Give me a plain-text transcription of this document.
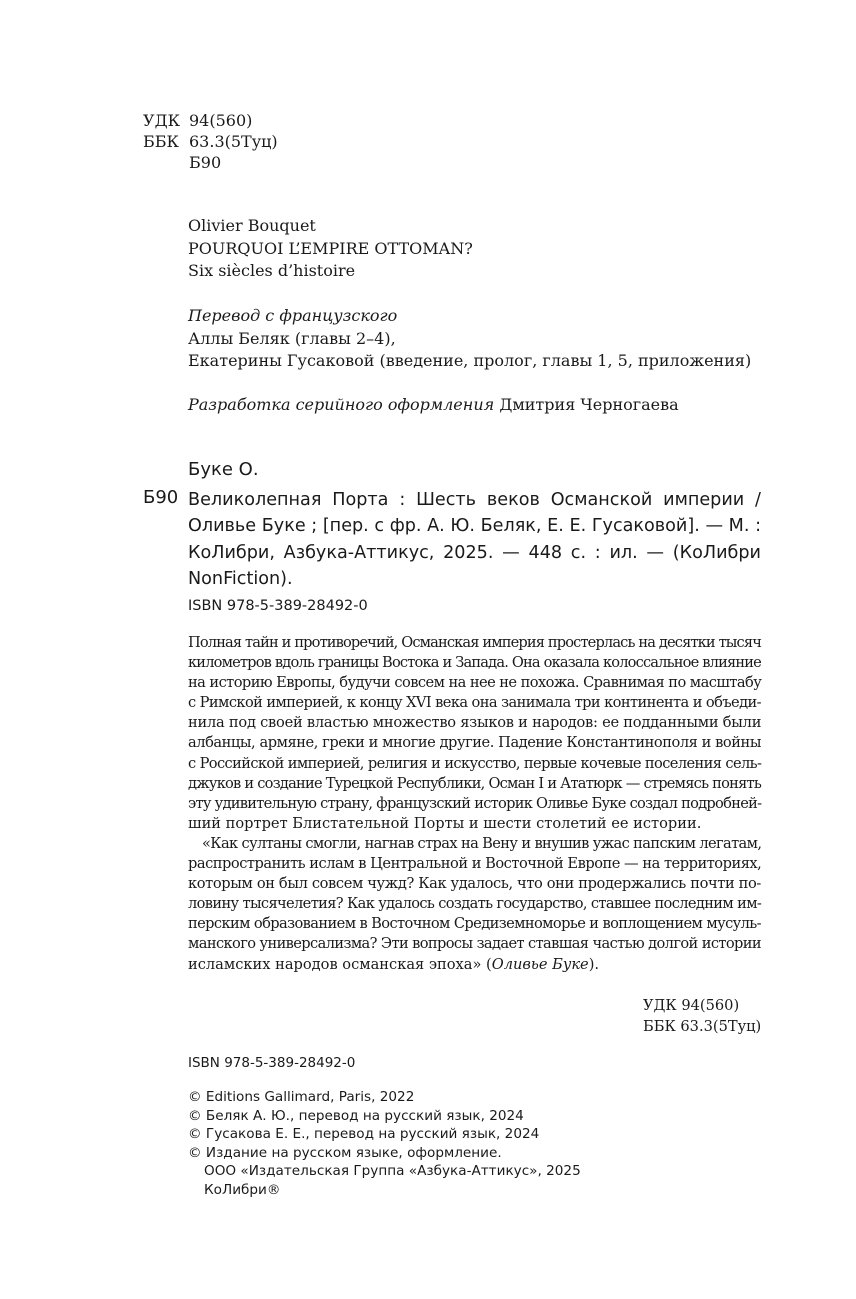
УДК 94(560)
ББК 63.3(5Туц)
Б90
Olivier Bouquet
POURQUOI L’EMPIRE OTTOMAN?
Six siècles d’histoire
Перевод с французского
Аллы Беляк (главы 2–4),
Екатерины Гусаковой (введение, пролог, главы 1, 5, приложения)
Разработка серийного оформления Дмитрия Черногаева
Буке О.
Б90 Великолепная Порта : Шесть веков Османской империи /
Оливье Буке ; [пер. с фр. А. Ю. Беляк, Е. Е. Гусаковой]. — М. :
КоЛибри, Азбука-Аттикус, 2025. — 448 с. : ил. — (КоЛибри
NonFiction).
ISBN 978-5-389-28492-0
Полная тайн и противоречий, Османская империя простерлась на десятки тысяч
километров вдоль границы Востока и Запада. Она оказала колоссальное влияние
на историю Европы, будучи совсем на нее не похожа. Сравнимая по масштабу
с Римской империей, к концу XVI века она занимала три континента и объеди-
нила под своей властью множество языков и народов: ее подданными были
албанцы, армяне, греки и многие другие. Падение Константинополя и войны
с Российской империей, религия и искусство, первые кочевые поселения сель-
джуков и создание Турецкой Республики, Осман I и Ататюрк — стремясь понять
эту удивительную страну, французский историк Оливье Буке создал подробней-
ший портрет Блистательной Порты и шести столетий ее истории.
«Как султаны смогли, нагнав страх на Вену и внушив ужас папским легатам,
распространить ислам в Центральной и Восточной Европе — на территориях,
которым он был совсем чужд? Как удалось, что они продержались почти по-
ловину тысячелетия? Как удалось создать государство, ставшее последним им-
перским образованием в Восточном Средиземноморье и воплощением мусуль-
манского универсализма? Эти вопросы задает ставшая частью долгой истории
исламских народов османская эпоха» (Оливье Буке).
УДК 94(560)
ББК 63.3(5Туц)
ISBN 978-5-389-28492-0
© Editions Gallimard, Paris, 2022
© Беляк А. Ю., перевод на русский язык, 2024
© Гусакова Е. Е., перевод на русский язык, 2024
© Издание на русском языке, оформление.
ООО «Издательская Группа «Азбука-Аттикус», 2025
КоЛибри®
